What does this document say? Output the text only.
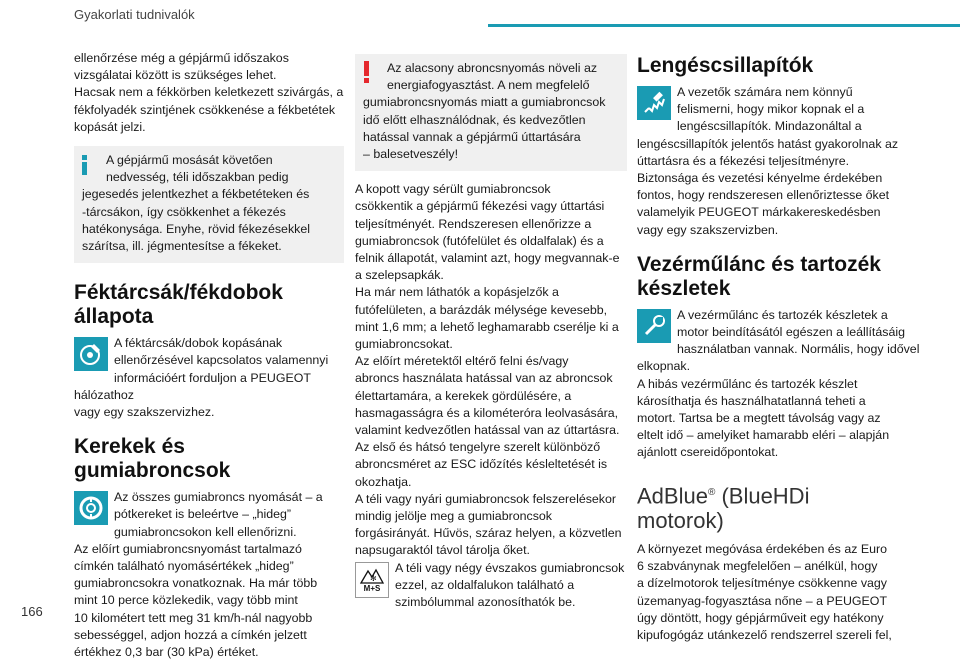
Gyakorlati tudnivalók

ellenőrzése még a gépjármű időszakos
vizsgálatai között is szükséges lehet.
Hacsak nem a fékkörben keletkezett szivárgás, a
fékfolyadék szintjének csökkenése a fékbetétek
kopását jelzi.

A gépjármű mosását követően
nedvesség, téli időszakban pedig

jegesedés jelentkezhet a fékbetéteken és
-tárcsákon, így csökkenhet a fékezés
hatékonysága. Enyhe, rövid fékezésekkel
szárítsa, ill. jégmentesítse a fékeket.

Féktárcsák/fékdobok
állapota

A féktárcsák/dobok kopásának
ellenőrzésével kapcsolatos valamennyi
információért forduljon a PEUGEOT hálózathoz
vagy egy szakszervizhez.

Kerekek és gumiabroncsok

Az összes gumiabroncs nyomását – a
pótkereket is beleértve – „hideg”
gumiabroncsokon kell ellenőrizni.
Az előírt gumiabroncsnyomást tartalmazó
címkén található nyomásértékek „hideg”
gumiabroncsokra vonatkoznak. Ha már több
mint 10 perce közlekedik, vagy több mint
10 kilométert tett meg 31 km/h-nál nagyobb
sebességgel, adjon hozzá a címkén jelzett
értékhez 0,3 bar (30 kPa) értéket.

Az alacsony abroncsnyomás növeli az
energiafogyasztást. A nem megfelelő

gumiabroncsnyomás miatt a gumiabroncsok
idő előtt elhasználódnak, és kedvezőtlen
hatással vannak a gépjármű úttartására
– balesetveszély!

A kopott vagy sérült gumiabroncsok
csökkentik a gépjármű fékezési vagy úttartási
teljesítményét. Rendszeresen ellenőrizze a
gumiabroncsok (futófelület és oldalfalak) és a
felnik állapotát, valamint azt, hogy megvannak-e
a szelepsapkák.
Ha már nem láthatók a kopásjelzők a
futófelületen, a barázdák mélysége kevesebb,
mint 1,6 mm; a lehető leghamarabb cserélje ki a
gumiabroncsokat.
Az előírt méretektől eltérő felni és/vagy
abroncs használata hatással van az abroncsok
élettartamára, a kerekek gördülésére, a
hasmagasságra és a kilométeróra leolvasására,
valamint kedvezőtlen hatással van az úttartásra.
Az első és hátsó tengelyre szerelt különböző
abroncsméret az ESC időzítés késleltetését is
okozhatja.
A téli vagy nyári gumiabroncsok felszerelésekor
mindig jelölje meg a gumiabroncsok
forgásirányát. Hűvös, száraz helyen, a közvetlen
napsugaraktól távol tárolja őket.

✻
M+S

A téli vagy négy évszakos gumiabroncsok
ezzel, az oldalfalukon található a
szimbólummal azonosíthatók be.

Lengéscsillapítók

A vezetők számára nem könnyű
felismerni, hogy mikor kopnak el a
lengéscsillapítók. Mindazonáltal a
lengéscsillapítók jelentős hatást gyakorolnak az
úttartásra és a fékezési teljesítményre.
Biztonsága és vezetési kényelme érdekében
fontos, hogy rendszeresen ellenőriztesse őket
valamelyik PEUGEOT márkakereskedésben
vagy egy szakszervizben.

Vezérműlánc és tartozék
készletek

A vezérműlánc és tartozék készletek a
motor beindításától egészen a leállításáig
használatban vannak. Normális, hogy idővel
elkopnak.
A hibás vezérműlánc és tartozék készlet
károsíthatja és használhatatlanná teheti a
motort. Tartsa be a megtett távolság vagy az
eltelt idő – amelyiket hamarabb eléri – alapján
ajánlott csereidőpontokat.

AdBlue® (BlueHDi
motorok)

A környezet megóvása érdekében és az Euro
6 szabványnak megfelelően – anélkül, hogy
a dízelmotorok teljesítménye csökkenne vagy
üzemanyag-fogyasztása nőne – a PEUGEOT
úgy döntött, hogy gépjárműveit egy hatékony
kipufogógáz utánkezelő rendszerrel szereli fel,

166
